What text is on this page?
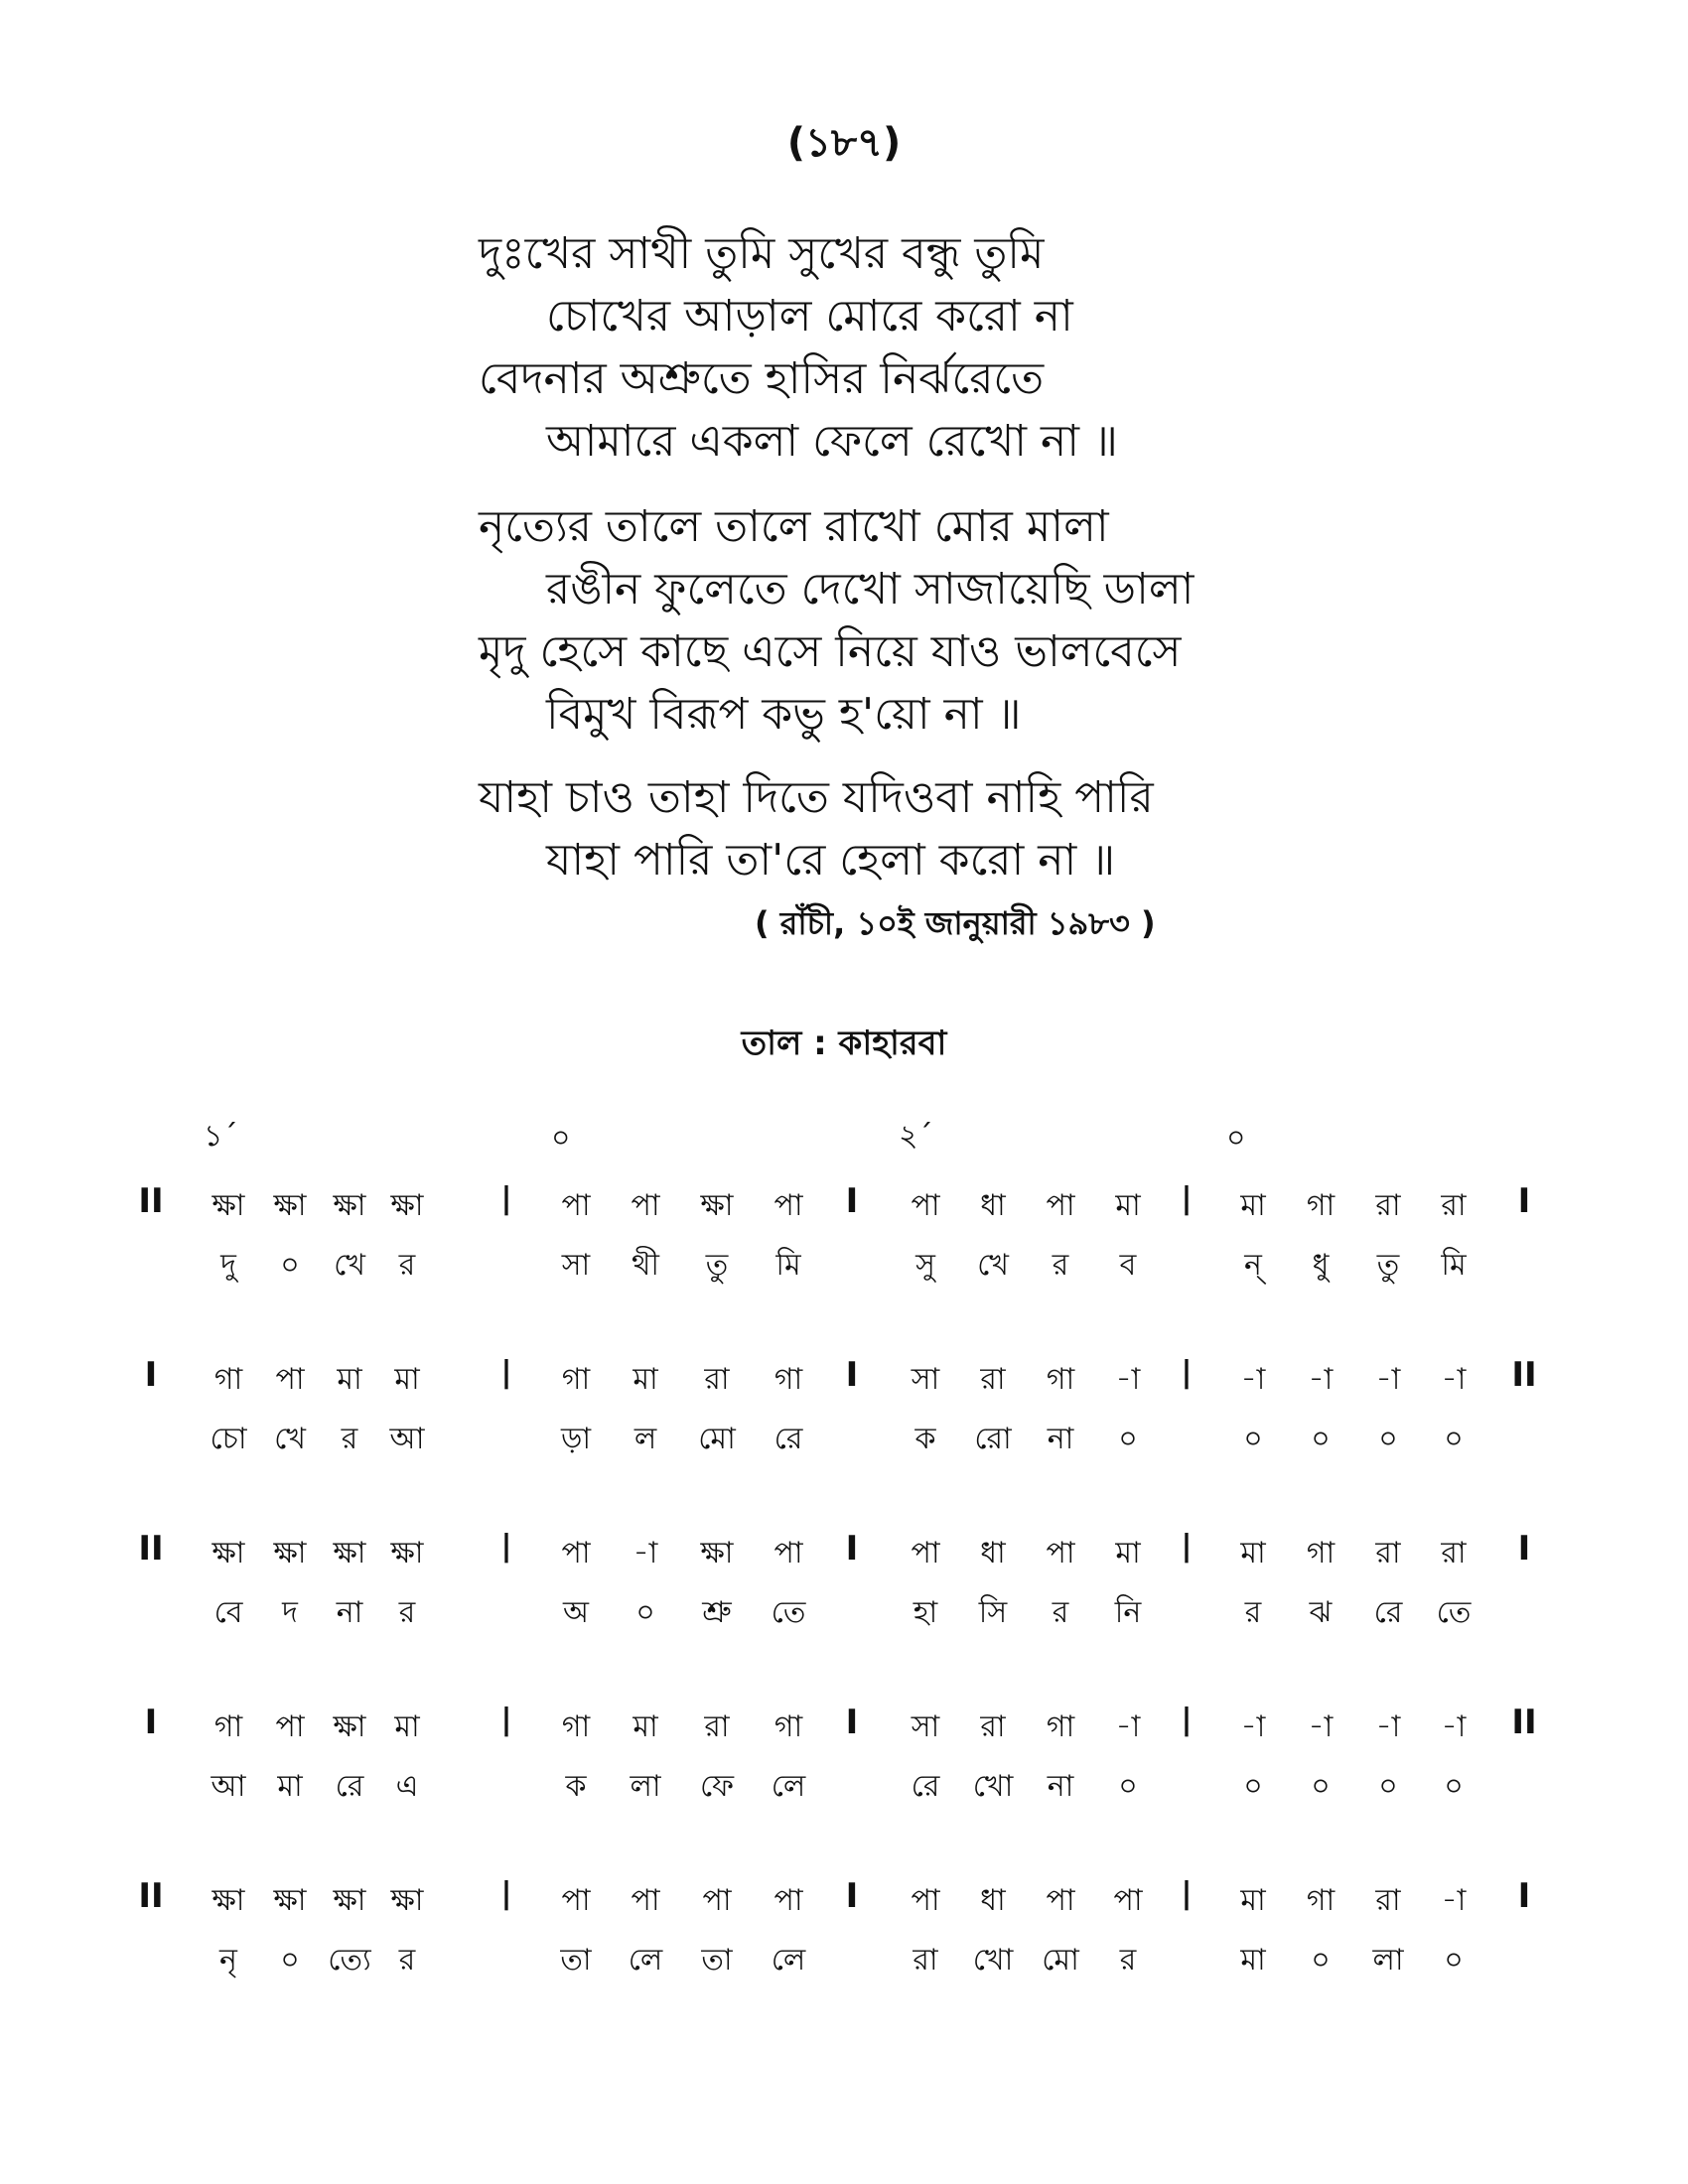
(১৮৭)
দুঃখের সাথী তুমি সুখের বন্ধু তুমি
চোখের আড়াল মোরে করো না
বেদনার অশ্রুতে হাসির নির্ঝরেতে
আমারে একলা ফেলে রেখো না ॥
নৃত্যের তালে তালে রাখো মোর মালা
রঙীন ফুলেতে দেখো সাজায়েছি ডালা
মৃদু হেসে কাছে এসে নিয়ে যাও ভালবেসে
বিমুখ বিরূপ কভু হ'য়ো না ॥
যাহা চাও তাহা দিতে যদিওবা নাহি পারি
যাহা পারি তা'রে হেলা করো না ॥
( রাঁচী, ১০ই জানুয়ারী ১৯৮৩ )
তাল : কাহারবা
১´	০	২´	০
II ক্ষা ক্ষা ক্ষা ক্ষা	| পা পা ক্ষা পা I পা ধা পা মা | মা গা রা রা I
দু ০ খে র	সা থী তু মি	সু খে র ব	ন্ ধু তু মি
I গা পা মা মা	| গা মা রা গা I সা রা গা -া | -া -া -া -া II
চো খে র আ	ড়া ল মো রে	ক রো না ০	০ ০ ০ ০
II ক্ষা ক্ষা ক্ষা ক্ষা	| পা -া ক্ষা পা I পা ধা পা মা | মা গা রা রা I
বে দ না র	অ ০ শ্রু তে	হা সি র নি	র ঝ রে তে
I গা পা ক্ষা মা	| গা মা রা গা I সা রা গা -া | -া -া -া -া II
আ মা রে এ	ক লা ফে লে	রে খো না ০	০ ০ ০ ০
II ক্ষা ক্ষা ক্ষা ক্ষা	| পা পা পা পা I পা ধা পা পা | মা গা রা -া I
নৃ ০ ত্যে র	তা লে তা লে	রা খো মো র	মা ০ লা ০
